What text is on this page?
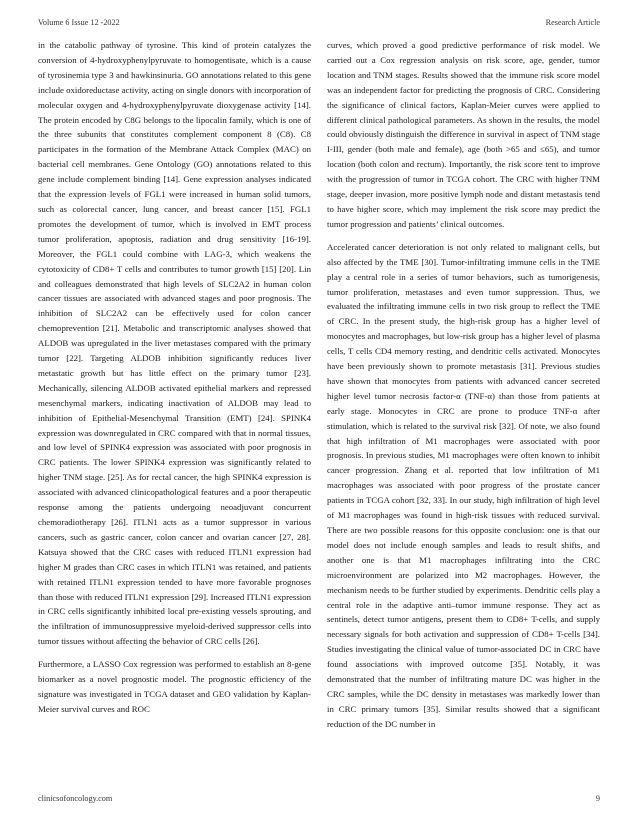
Volume 6 Issue 12 -2022	Research Article

in the catabolic pathway of tyrosine. This kind of protein catalyzes the conversion of 4-hydroxyphenylpyruvate to homogentisate, which is a cause of tyrosinemia type 3 and hawkinsinuria. GO annotations related to this gene include oxidoreductase activity, acting on single donors with incorporation of molecular oxygen and 4-hydroxyphenylpyruvate dioxygenase activity [14]. The protein encoded by C8G belongs to the lipocalin family, which is one of the three subunits that constitutes complement component 8 (C8). C8 participates in the formation of the Membrane Attack Complex (MAC) on bacterial cell membranes. Gene Ontology (GO) annotations related to this gene include complement binding [14]. Gene expression analyses indicated that the expression levels of FGL1 were increased in human solid tumors, such as colorectal cancer, lung cancer, and breast cancer [15]. FGL1 promotes the development of tumor, which is involved in EMT process tumor proliferation, apoptosis, radiation and drug sensitivity [16-19]. Moreover, the FGL1 could combine with LAG-3, which weakens the cytotoxicity of CD8+ T cells and contributes to tumor growth [15] [20]. Lin and colleagues demonstrated that high levels of SLC2A2 in human colon cancer tissues are associated with advanced stages and poor prognosis. The inhibition of SLC2A2 can be effectively used for colon cancer chemoprevention [21]. Metabolic and transcriptomic analyses showed that ALDOB was upregulated in the liver metastases compared with the primary tumor [22]. Targeting ALDOB inhibition significantly reduces liver metastatic growth but has little effect on the primary tumor [23]. Mechanically, silencing ALDOB activated epithelial markers and repressed mesenchymal markers, indicating inactivation of ALDOB may lead to inhibition of Epithelial-Mesenchymal Transition (EMT) [24]. SPINK4 expression was downregulated in CRC compared with that in normal tissues, and low level of SPINK4 expression was associated with poor prognosis in CRC patients. The lower SPINK4 expression was significantly related to higher TNM stage. [25]. As for rectal cancer, the high SPINK4 expression is associated with advanced clinicopathological features and a poor therapeutic response among the patients undergoing neoadjuvant concurrent chemoradiotherapy [26]. ITLN1 acts as a tumor suppressor in various cancers, such as gastric cancer, colon cancer and ovarian cancer [27, 28]. Katsuya showed that the CRC cases with reduced ITLN1 expression had higher M grades than CRC cases in which ITLN1 was retained, and patients with retained ITLN1 expression tended to have more favorable prognoses than those with reduced ITLN1 expression [29]. Increased ITLN1 expression in CRC cells significantly inhibited local pre-existing vessels sprouting, and the infiltration of immunosuppressive myeloid-derived suppressor cells into tumor tissues without affecting the behavior of CRC cells [26].

Furthermore, a LASSO Cox regression was performed to establish an 8-gene biomarker as a novel prognostic model. The prognostic efficiency of the signature was investigated in TCGA dataset and GEO validation by Kaplan-Meier survival curves and ROC

curves, which proved a good predictive performance of risk model. We carried out a Cox regression analysis on risk score, age, gender, tumor location and TNM stages. Results showed that the immune risk score model was an independent factor for predicting the prognosis of CRC. Considering the significance of clinical factors, Kaplan-Meier curves were applied to different clinical pathological parameters. As shown in the results, the model could obviously distinguish the difference in survival in aspect of TNM stage I-III, gender (both male and female), age (both >65 and ≤65), and tumor location (both colon and rectum). Importantly, the risk score tent to improve with the progression of tumor in TCGA cohort. The CRC with higher TNM stage, deeper invasion, more positive lymph node and distant metastasis tend to have higher score, which may implement the risk score may predict the tumor progression and patients’ clinical outcomes.

Accelerated cancer deterioration is not only related to malignant cells, but also affected by the TME [30]. Tumor-infiltrating immune cells in the TME play a central role in a series of tumor behaviors, such as tumorigenesis, tumor proliferation, metastases and even tumor suppression. Thus, we evaluated the infiltrating immune cells in two risk group to reflect the TME of CRC. In the present study, the high-risk group has a higher level of monocytes and macrophages, but low-risk group has a higher level of plasma cells, T cells CD4 memory resting, and dendritic cells activated. Monocytes have been previously shown to promote metastasis [31]. Previous studies have shown that monocytes from patients with advanced cancer secreted higher level tumor necrosis factor-α (TNF-α) than those from patients at early stage. Monocytes in CRC are prone to produce TNF-α after stimulation, which is related to the survival risk [32]. Of note, we also found that high infiltration of M1 macrophages were associated with poor prognosis. In previous studies, M1 macrophages were often known to inhibit cancer progression. Zhang et al. reported that low infiltration of M1 macrophages was associated with poor progress of the prostate cancer patients in TCGA cohort [32, 33]. In our study, high infiltration of high level of M1 macrophages was found in high-risk tissues with reduced survival. There are two possible reasons for this opposite conclusion: one is that our model does not include enough samples and leads to result shifts, and another one is that M1 macrophages infiltrating into the CRC microenvironment are polarized into M2 macrophages. However, the mechanism needs to be further studied by experiments. Dendritic cells play a central role in the adaptive anti–tumor immune response. They act as sentinels, detect tumor antigens, present them to CD8+ T-cells, and supply necessary signals for both activation and suppression of CD8+ T-cells [34]. Studies investigating the clinical value of tumor-associated DC in CRC have found associations with improved outcome [35]. Notably, it was demonstrated that the number of infiltrating mature DC was higher in the CRC samples, while the DC density in metastases was markedly lower than in CRC primary tumors [35]. Similar results showed that a significant reduction of the DC number in

clinicsofoncology.com	9
